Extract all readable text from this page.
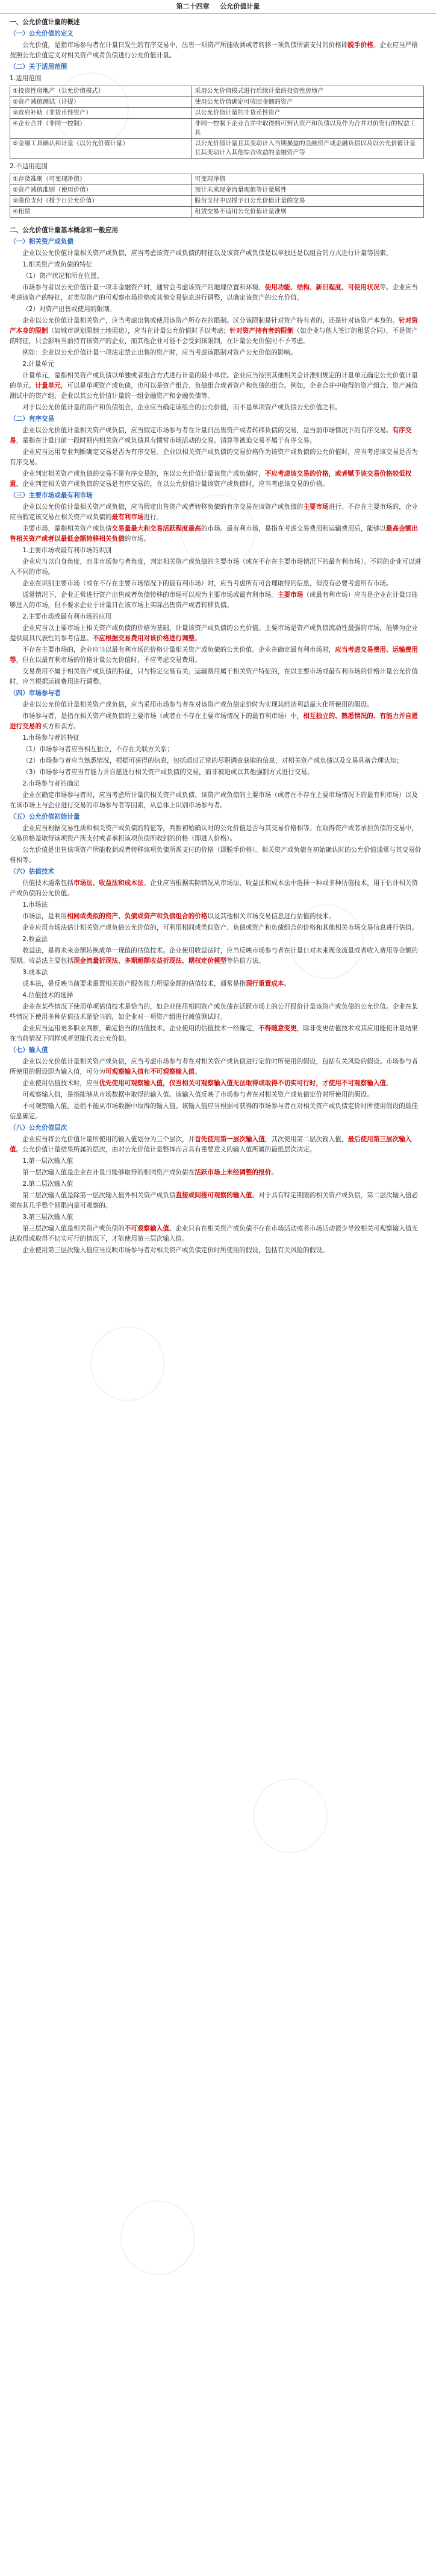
第二十四章 公允价值计量
一、公允价值计量的概述
（一）公允价值的定义

公允价值，是指市场参与者在计量日发生的有序交易中，出售一项资产所能收到或者转移一项负债所需支付的价格即脱手价格。企业应当严格按照公允价值定义对相关资产或者负债进行公允价值计量。

（二）关于适用范围

1.适用范围

①投资性房地产（公允价值模式）	采用公允价值模式进行后续计量的投资性房地产
②资产减值测试（计提）	使用公允价值确定可收回金额的资产
③政府补助（非货币性资产）	以公允价值计量的非货币性资产
④企业合并（非同一控制）	非同一控制下企业合并中取得的可辨认资产和负债以及作为合并对价发行的权益工具
⑤金融工具确认和计量（以公允价值计量）	以公允价值计量且其变动计入当期损益的金融资产或金融负债以及以公允价值计量且其变动计入其他综合收益的金融资产等

2.不适用范围

①存货准则（可变现净值）	可变现净值
②资产减值准则（使用价值）	预计未来现金流量现值等计量属性
③股份支付（授予日公允价值）	股份支付中以授予日公允价值计量的交易
④租赁	租赁交易不适用公允价值计量准则
二、公允价值计量基本概念和一般应用
（一）相关资产或负债

企业以公允价值计量相关资产或负债，应当考虑该资产或负债的特征以及该资产或负债是以单独还是以组合的方式进行计量等因素。

1.相关资产或负债的特征

（1）资产状况和所在位置。

市场参与者以公允价值计量一项非金融资产时，通常会考虑该资产的地理位置和环境、使用功能、结构、新旧程度、可使用状况等。企业应当考虑该资产的特征，对类似资产的可观察市场价格或其他交易信息进行调整，以确定该资产的公允价值。

（2）对资产出售或使用的限制。

企业以公允价值计量相关资产，应当考虑出售或使用该资产所存在的限制。区分该限制是针对资产持有者的，还是针对该资产本身的。针对资产本身的限制（如城市规划限制土地用途），应当在计量公允价值时予以考虑；针对资产持有者的限制（如企业与他人签订的租赁合同），不是资产的特征，只会影响当前持有该资产的企业，而其他企业可能不会受到该限制，在计量公允价值时不予考虑。

例如：企业以公允价值计量一项法定禁止出售的资产时，应当考虑该限制对资产公允价值的影响。

2.计量单元

计量单元，是指相关资产或负债以单独或者组合方式进行计量的最小单位。企业应当按照其他相关会计准则规定的计量单元确定公允价值计量的单元。计量单元，可以是单项资产或负债，也可以是资产组合、负债组合或者资产和负债的组合。例如，企业合并中取得的资产组合、资产减值测试中的资产组、企业以其公允价值计量的一组金融资产和金融负债等。

对于以公允价值计量的资产和负债组合，企业应当确定该组合的公允价值，而不是单项资产或负债公允价值之和。

（二）有序交易

企业以公允价值计量相关资产或负债，应当假定市场参与者在计量日出售资产或者转移负债的交易，是当前市场情况下的有序交易。有序交易，是指在计量日前一段时期内相关资产或负债具有惯常市场活动的交易。清算等被迫交易不属于有序交易。

企业应当运用专业判断确定交易是否为有序交易。企业以相关资产或负债的交易价格作为该资产或负债的公允价值时，应当考虑该交易是否为有序交易。

企业判定相关资产或负债的交易不是有序交易的，在以公允价值计量该资产或负债时，不应考虑该交易的价格，或者赋予该交易价格较低权重。企业判定相关资产或负债的交易是有序交易的，在以公允价值计量该资产或负债时，应当考虑该交易的价格。

（三）主要市场或最有利市场

企业以公允价值计量相关资产或负债，应当假定出售资产或者转移负债的有序交易在该资产或负债的主要市场进行。不存在主要市场的，企业应当假定该交易在相关资产或负债的最有利市场进行。

主要市场，是指相关资产或负债交易量最大和交易活跃程度最高的市场。最有利市场，是指在考虑交易费用和运输费用后，能够以最高金额出售相关资产或者以最低金额转移相关负债的市场。

1.主要市场或最有利市场的识别

企业应当以自身角度，而非市场参与者角度，判定相关资产或负债的主要市场（或在不存在主要市场情况下的最有利市场）。不同的企业可以进入不同的市场。

企业在识别主要市场（或在不存在主要市场情况下的最有利市场）时，应当考虑所有可合理取得的信息，但没有必要考虑所有市场。

通常情况下，企业正常进行资产出售或者负债转移的市场可以视为主要市场或最有利市场。主要市场（或最有利市场）应当是企业在计量日能够进入的市场，但不要求企业于计量日在该市场上实际出售资产或者转移负债。

2.主要市场或最有利市场的应用

企业应当以主要市场上相关资产或负债的价格为基础，计量该资产或负债的公允价值。主要市场是资产或负债流动性最强的市场，能够为企业提供最具代表性的参考信息。不应根据交易费用对该价格进行调整。

不存在主要市场的，企业应当以最有利市场的价格计量相关资产或负债的公允价值。企业在确定最有利市场时，应当考虑交易费用、运输费用等，但在以最有利市场的价格计量公允价值时，不应考虑交易费用。

交易费用不属于相关资产或负债的特征，只与特定交易有关；运输费用属于相关资产特征的，在以主要市场或最有利市场的价格计量公允价值时，应当根据运输费用进行调整。

（四）市场参与者

企业以公允价值计量相关资产或负债，应当采用市场参与者在对该资产或负债定价时为实现其经济利益最大化所使用的假设。

市场参与者，是指在相关资产或负债的主要市场（或者在不存在主要市场情况下的最有利市场）中，相互独立的、熟悉情况的、有能力并自愿进行交易的买方和卖方。

1.市场参与者的特征

（1）市场参与者应当相互独立，不存在关联方关系；

（2）市场参与者应当熟悉情况，根据可获得的信息，包括通过正常的尽职调查获取的信息，对相关资产或负债以及交易具备合理认知；

（3）市场参与者应当有能力并自愿进行相关资产或负债的交易，而非被迫或以其他强制方式进行交易。

2.市场参与者的确定

企业在确定市场参与者时，应当考虑所计量的相关资产或负债、该资产或负债的主要市场（或者在不存在主要市场情况下的最有利市场）以及在该市场上与企业进行交易的市场参与者等因素，从总体上识别市场参与者。

（五）公允价值初始计量

企业应当根据交易性质和相关资产或负债的特征等，判断初始确认时的公允价值是否与其交易价格相等。在取得资产或者承担负债的交易中，交易价格是取得该项资产所支付或者承担该项负债所收到的价格（即进入价格）。

公允价值是出售该项资产所能收到或者转移该项负债所需支付的价格（即脱手价格）。相关资产或负债在初始确认时的公允价值通常与其交易价格相等。

（六）估值技术

估值技术通常包括市场法、收益法和成本法。企业应当根据实际情况从市场法、收益法和成本法中选择一种或多种估值技术，用于估计相关资产或负债的公允价值。

1.市场法

市场法，是利用相同或类似的资产、负债或资产和负债组合的价格以及其他相关市场交易信息进行估值的技术。

企业应用市场法估计相关资产或负债公允价值的，可利用相同或类似资产、负债或资产和负债组合的价格和其他相关市场交易信息进行估值。

2.收益法

收益法，是将未来金额转换成单一现值的估值技术。企业使用收益法时，应当反映市场参与者在计量日对未来现金流量或者收入费用等金额的预期。收益法主要包括现金流量折现法、多期超额收益折现法、期权定价模型等估值方法。

3.成本法

成本法，是反映当前要求重置相关资产服务能力所需金额的估值技术，通常是指现行重置成本。

4.估值技术的选择

企业在某些情况下使用单项估值技术是恰当的，如企业使用相同资产或负债在活跃市场上的公开报价计量该资产或负债的公允价值。企业在某些情况下使用多种估值技术是恰当的，如企业对一项资产组进行减值测试时。

企业应当运用更多职业判断，确定恰当的估值技术。企业使用的估值技术一经确定，不得随意变更，除非变更估值技术或其应用能使计量结果在当前情况下同样或者更能代表公允价值。

（七）输入值

企业以公允价值计量相关资产或负债，应当考虑市场参与者在对相关资产或负债进行定价时所使用的假设，包括有关风险的假设。市场参与者所使用的假设即为输入值，可分为可观察输入值和不可观察输入值。

企业使用估值技术时，应当优先使用可观察输入值，仅当相关可观察输入值无法取得或取得不切实可行时，才使用不可观察输入值。

可观察输入值，是指能够从市场数据中取得的输入值。该输入值反映了市场参与者在对相关资产或负债定价时所使用的假设。

不可观察输入值，是指不能从市场数据中取得的输入值。该输入值应当根据可获得的市场参与者在对相关资产或负债定价时所使用假设的最佳信息确定。

（八）公允价值层次

企业应当将公允价值计量所使用的输入值划分为三个层次，并首先使用第一层次输入值，其次使用第二层次输入值，最后使用第三层次输入值。公允价值计量结果所属的层次，由对公允价值计量整体而言具有重要意义的输入值所属的最低层次决定。

1.第一层次输入值

第一层次输入值是企业在计量日能够取得的相同资产或负债在活跃市场上未经调整的报价。

2.第二层次输入值

第二层次输入值是除第一层次输入值外相关资产或负债直接或间接可观察的输入值。对于具有特定期限的相关资产或负债，第二层次输入值必须在其几乎整个期限内是可观察的。

3.第三层次输入值

第三层次输入值是相关资产或负债的不可观察输入值。企业只有在相关资产或负债不存在市场活动或者市场活动很少导致相关可观察输入值无法取得或取得不切实可行的情况下，才能使用第三层次输入值。

企业使用第三层次输入值应当反映市场参与者对相关资产或负债定价时所使用的假设，包括有关风险的假设。
